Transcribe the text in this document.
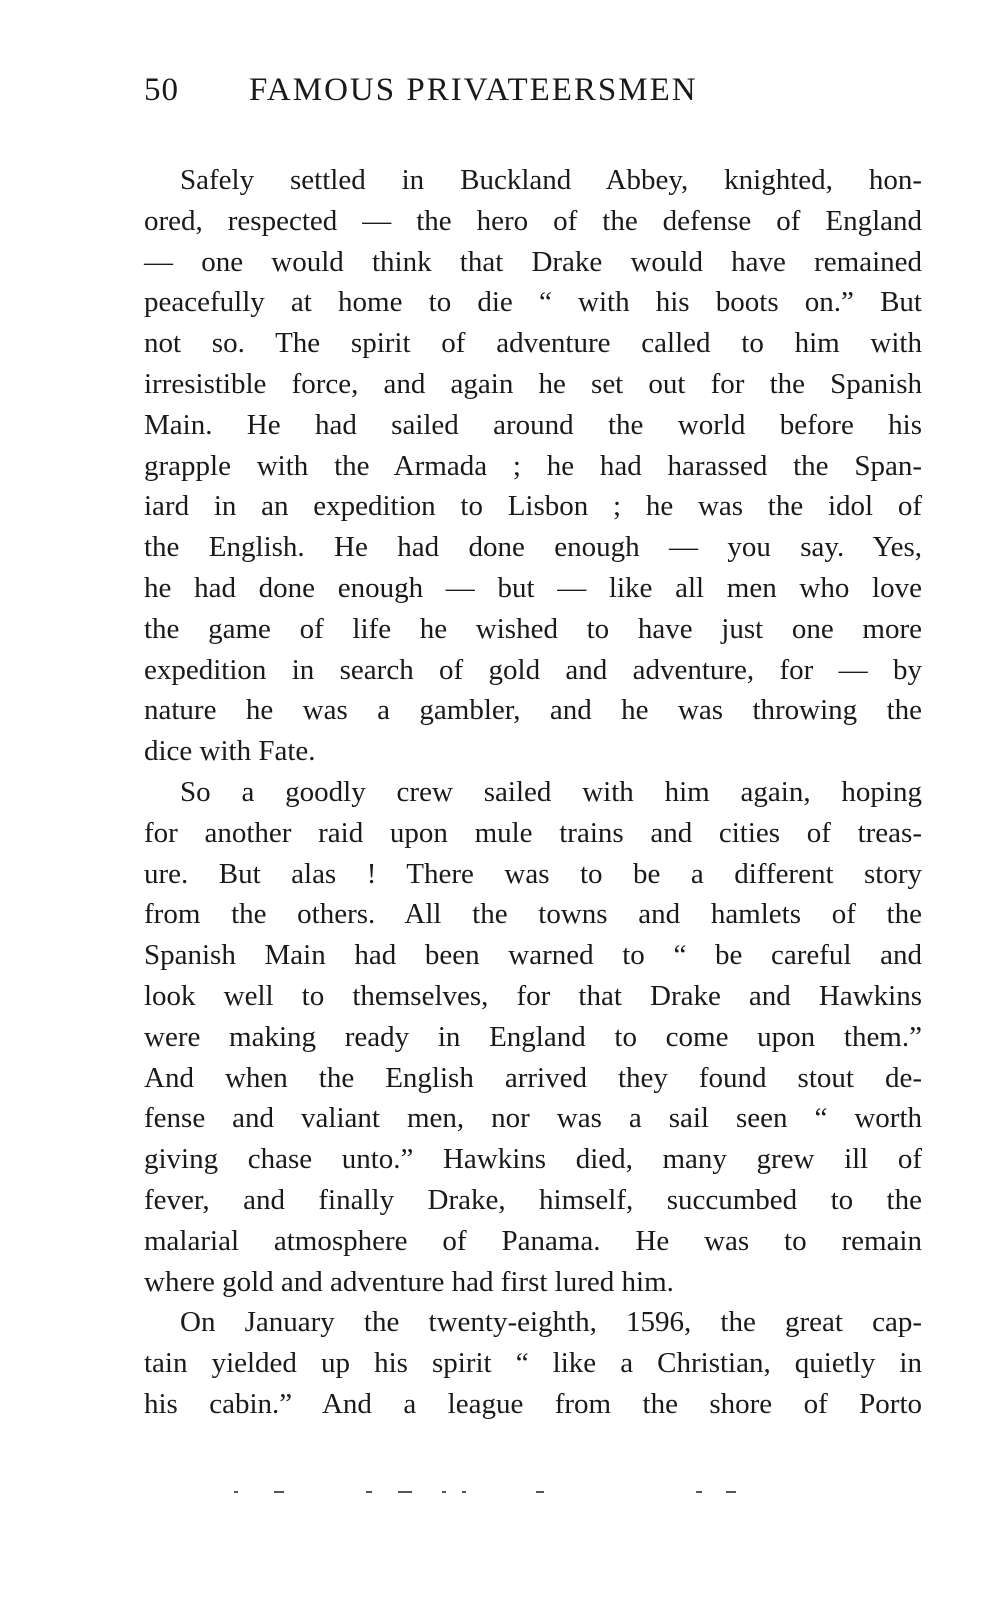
50 FAMOUS PRIVATEERSMEN
Safely settled in Buckland Abbey, knighted, hon-
ored, respected — the hero of the defense of England
— one would think that Drake would have remained
peacefully at home to die “ with his boots on.” But
not so. The spirit of adventure called to him with
irresistible force, and again he set out for the Spanish
Main. He had sailed around the world before his
grapple with the Armada ; he had harassed the Span-
iard in an expedition to Lisbon ; he was the idol of
the English. He had done enough — you say. Yes,
he had done enough — but — like all men who love
the game of life he wished to have just one more
expedition in search of gold and adventure, for — by
nature he was a gambler, and he was throwing the
dice with Fate.
So a goodly crew sailed with him again, hoping
for another raid upon mule trains and cities of treas-
ure. But alas ! There was to be a different story
from the others. All the towns and hamlets of the
Spanish Main had been warned to “ be careful and
look well to themselves, for that Drake and Hawkins
were making ready in England to come upon them.”
And when the English arrived they found stout de-
fense and valiant men, nor was a sail seen “ worth
giving chase unto.” Hawkins died, many grew ill of
fever, and finally Drake, himself, succumbed to the
malarial atmosphere of Panama. He was to remain
where gold and adventure had first lured him.
On January the twenty-eighth, 1596, the great cap-
tain yielded up his spirit “ like a Christian, quietly in
his cabin.” And a league from the shore of Porto
